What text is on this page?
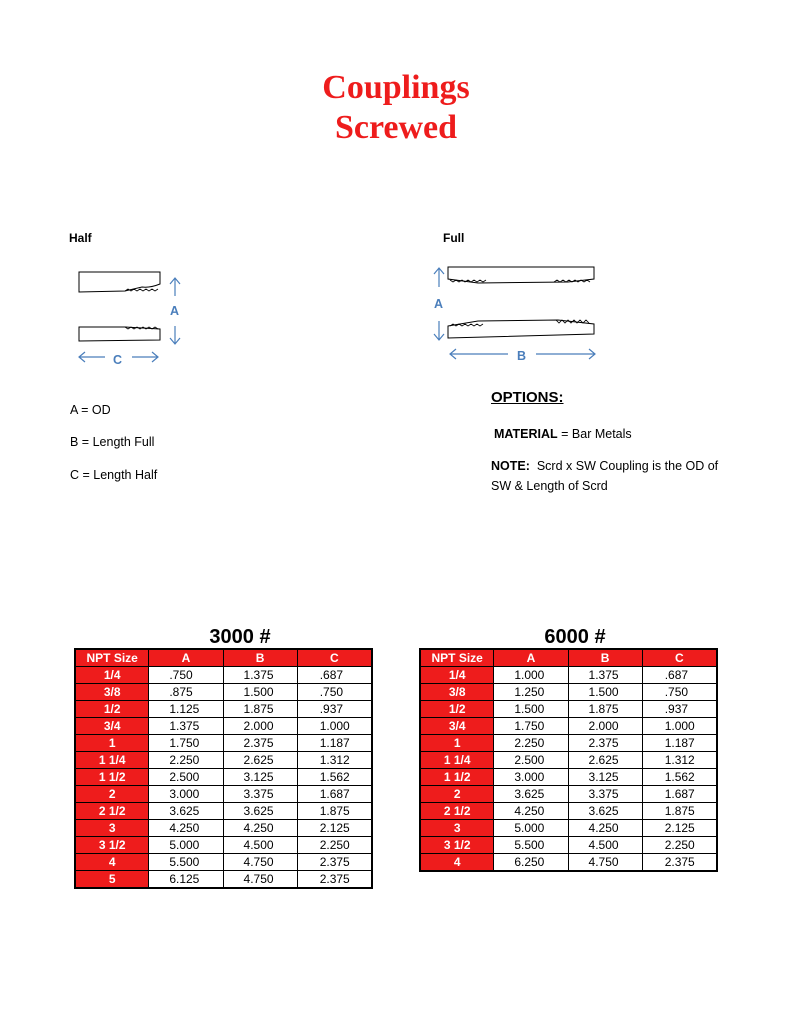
Couplings
Screwed
Half	Full
A
C
A
B
A = OD
B = Length Full
C = Length Half
OPTIONS:
MATERIAL = Bar Metals
NOTE:  Scrd x SW Coupling is the OD of
SW & Length of Scrd
3000 #	6000 #
NPT Size	A	B	C
1/4	.750	1.375	.687
3/8	.875	1.500	.750
1/2	1.125	1.875	.937
3/4	1.375	2.000	1.000
1	1.750	2.375	1.187
1 1/4	2.250	2.625	1.312
1 1/2	2.500	3.125	1.562
2	3.000	3.375	1.687
2 1/2	3.625	3.625	1.875
3	4.250	4.250	2.125
3 1/2	5.000	4.500	2.250
4	5.500	4.750	2.375
5	6.125	4.750	2.375
NPT Size	A	B	C
1/4	1.000	1.375	.687
3/8	1.250	1.500	.750
1/2	1.500	1.875	.937
3/4	1.750	2.000	1.000
1	2.250	2.375	1.187
1 1/4	2.500	2.625	1.312
1 1/2	3.000	3.125	1.562
2	3.625	3.375	1.687
2 1/2	4.250	3.625	1.875
3	5.000	4.250	2.125
3 1/2	5.500	4.500	2.250
4	6.250	4.750	2.375
